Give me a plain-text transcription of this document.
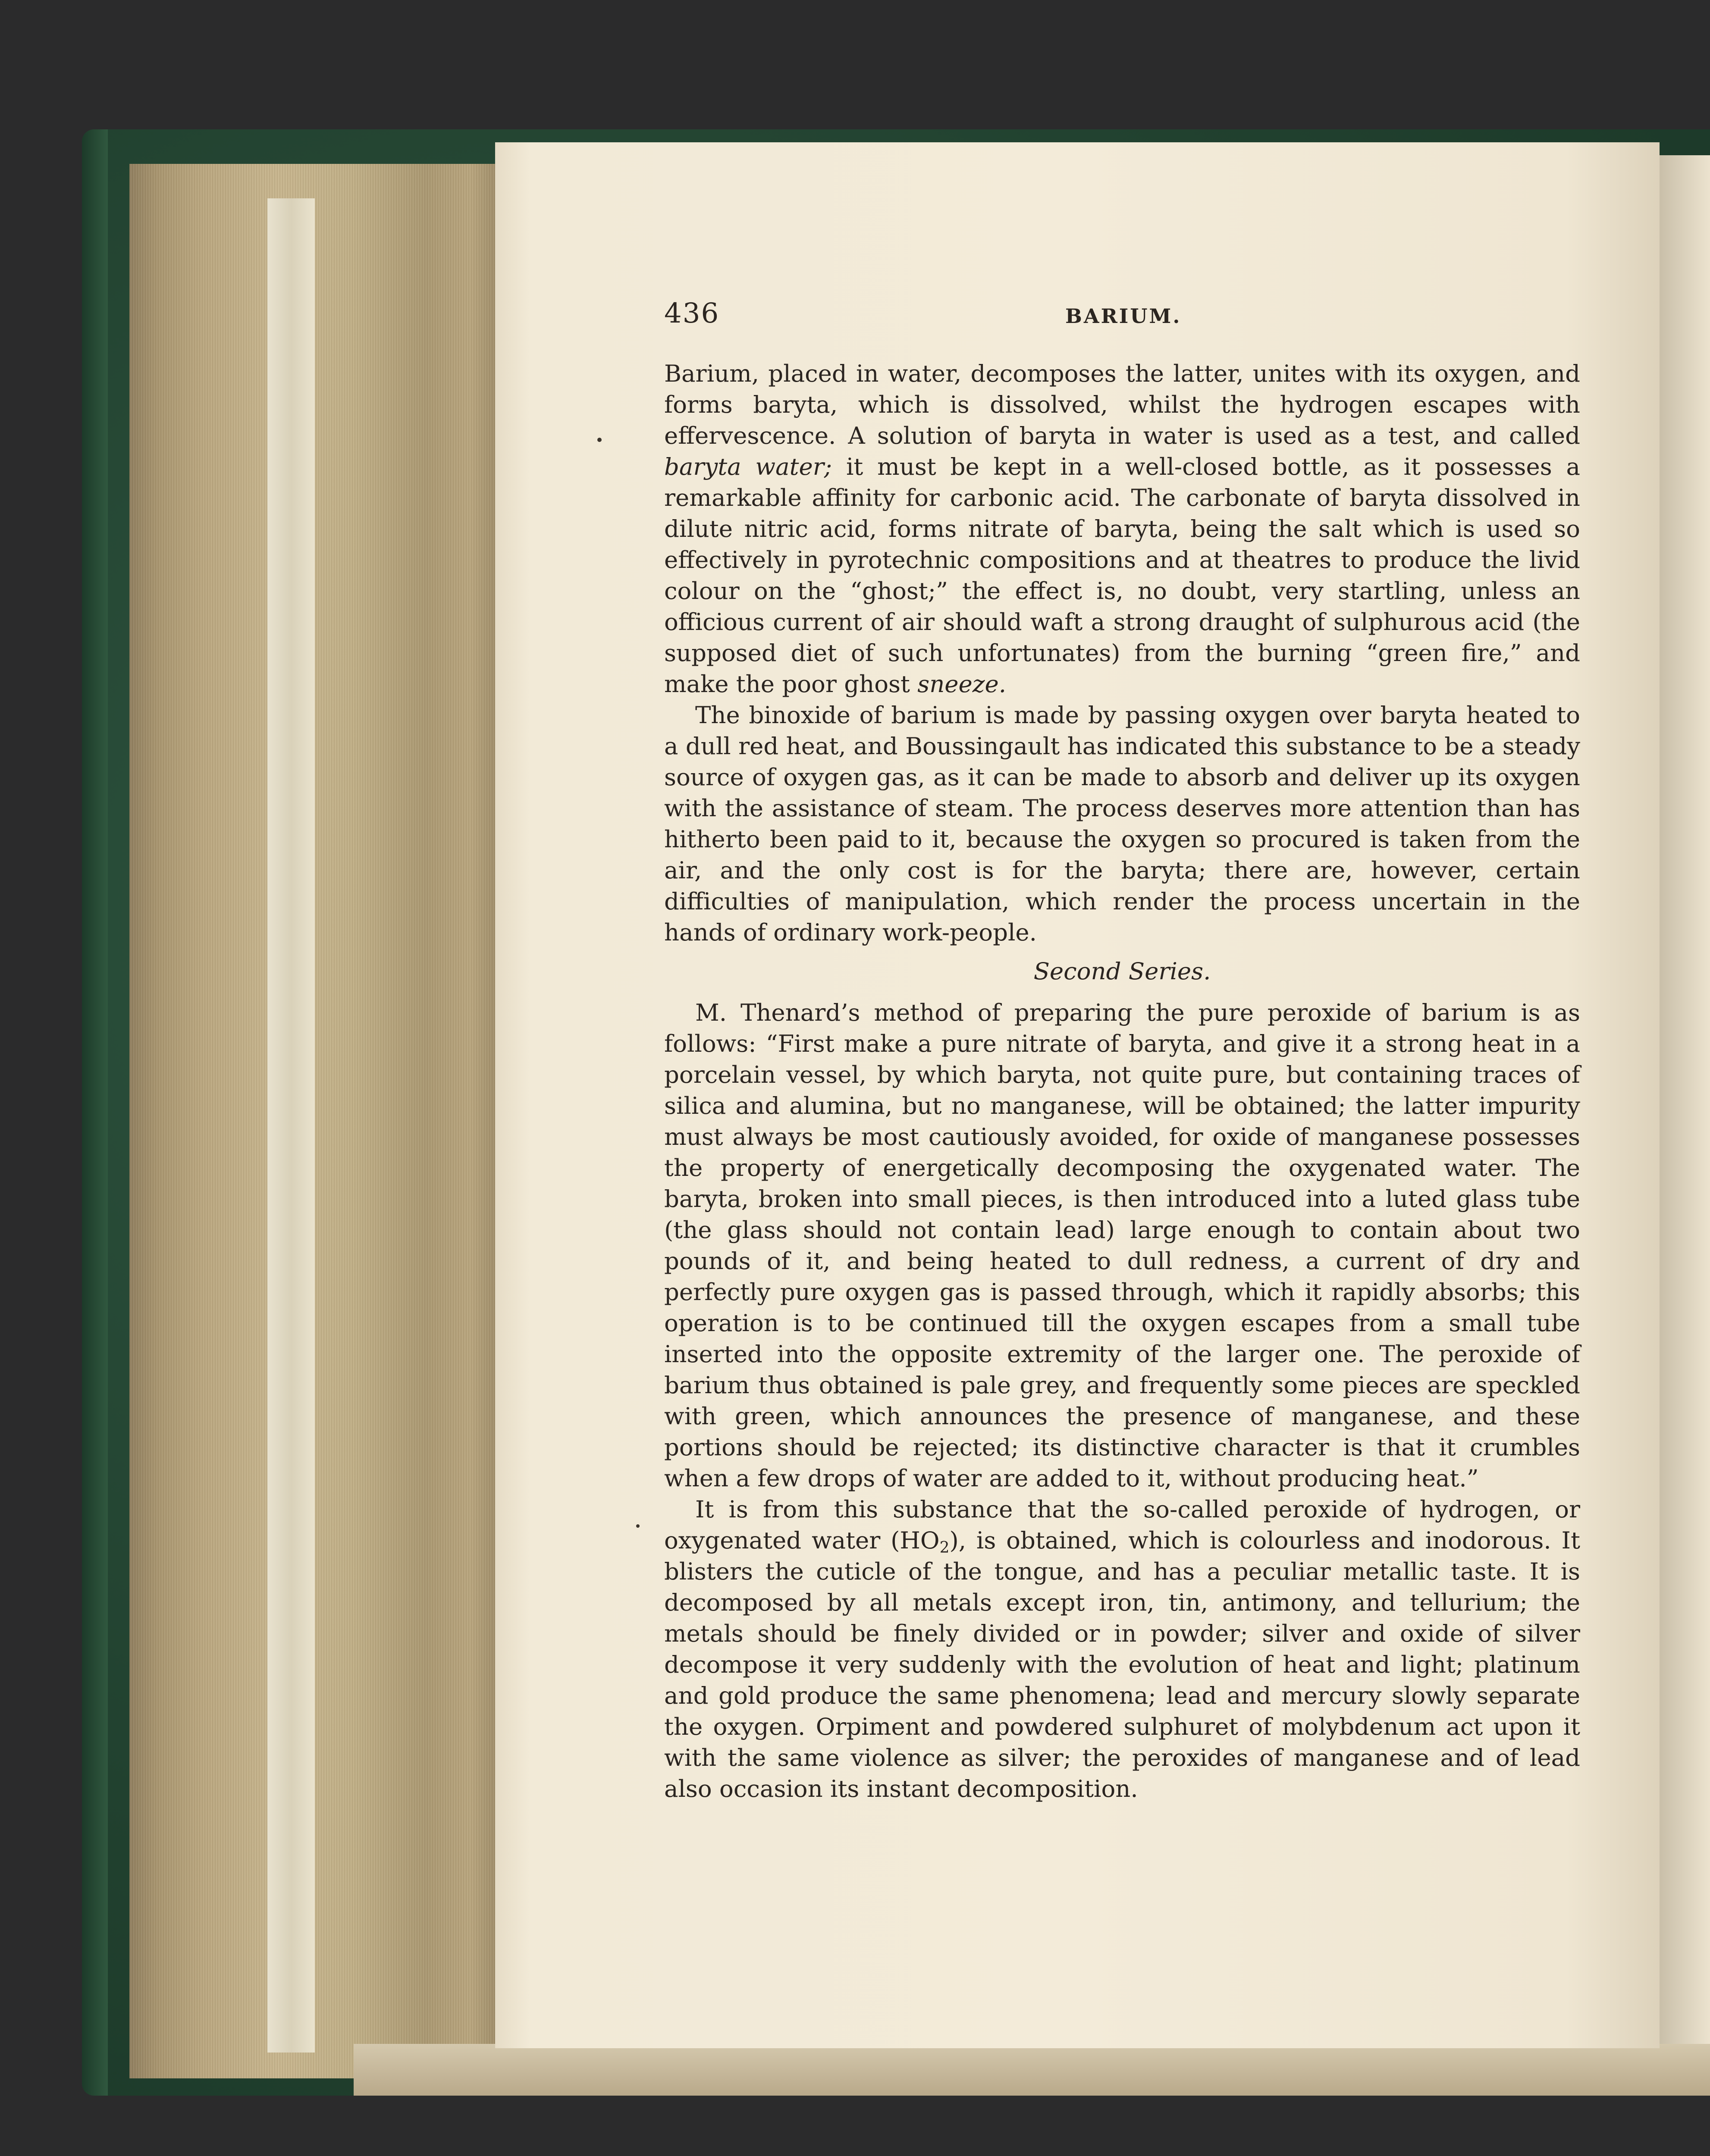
436	BARIUM.

Barium, placed in water, decomposes the latter, unites with its oxygen, and forms baryta, which is dissolved, whilst the hydrogen escapes with effervescence. A solution of baryta in water is used as a test, and called baryta water; it must be kept in a well-closed bottle, as it possesses a remarkable affinity for carbonic acid. The carbonate of baryta dissolved in dilute nitric acid, forms nitrate of baryta, being the salt which is used so effectively in pyrotechnic compositions and at theatres to produce the livid colour on the “ghost;” the effect is, no doubt, very startling, unless an officious current of air should waft a strong draught of sulphurous acid (the supposed diet of such unfortunates) from the burning “green fire,” and make the poor ghost sneeze.

The binoxide of barium is made by passing oxygen over baryta heated to a dull red heat, and Boussingault has indicated this substance to be a steady source of oxygen gas, as it can be made to absorb and deliver up its oxygen with the assistance of steam. The process deserves more attention than has hitherto been paid to it, because the oxygen so procured is taken from the air, and the only cost is for the baryta; there are, however, certain difficulties of manipulation, which render the process uncertain in the hands of ordinary work-people.

Second Series.

M. Thenard’s method of preparing the pure peroxide of barium is as follows: “First make a pure nitrate of baryta, and give it a strong heat in a porcelain vessel, by which baryta, not quite pure, but containing traces of silica and alumina, but no manganese, will be obtained; the latter impurity must always be most cautiously avoided, for oxide of manganese possesses the property of energetically decomposing the oxygenated water. The baryta, broken into small pieces, is then introduced into a luted glass tube (the glass should not contain lead) large enough to contain about two pounds of it, and being heated to dull redness, a current of dry and perfectly pure oxygen gas is passed through, which it rapidly absorbs; this operation is to be continued till the oxygen escapes from a small tube inserted into the opposite extremity of the larger one. The peroxide of barium thus obtained is pale grey, and frequently some pieces are speckled with green, which announces the presence of manganese, and these portions should be rejected; its distinctive character is that it crumbles when a few drops of water are added to it, without producing heat.”

It is from this substance that the so-called peroxide of hydrogen, or oxygenated water $(HO_2)$, is obtained, which is colourless and inodorous. It blisters the cuticle of the tongue, and has a peculiar metallic taste. It is decomposed by all metals except iron, tin, antimony, and tellurium; the metals should be finely divided or in powder; silver and oxide of silver decompose it very suddenly with the evolution of heat and light; platinum and gold produce the same phenomena; lead and mercury slowly separate the oxygen. Orpiment and powdered sulphuret of molybdenum act upon it with the same violence as silver; the peroxides of manganese and of lead also occasion its instant decomposition.
